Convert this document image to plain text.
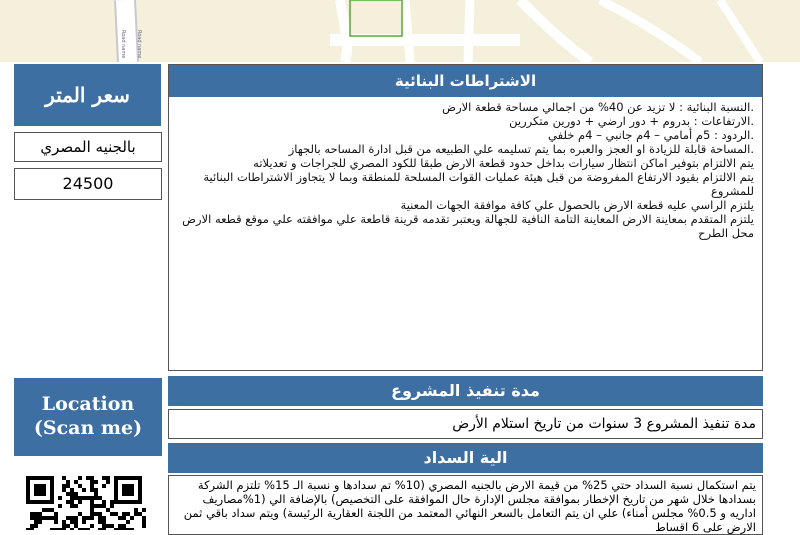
Road name Road name
سعر المتر
بالجنيه المصري
24500
الاشتراطات البنائية
.النسبة البنائية : لا تزيد عن 40% من اجمالي مساحة قطعة الارض
.الارتفاعات : بدروم + دور ارضي + دورين متكررين
.الردود : 5م أمامي – 4م جانبي – 4م خلفي
.المساحة قابلة للزيادة او العجز والعبره بما يتم تسليمه علي الطبيعه من قبل ادارة المساحه بالجهاز
يتم الالتزام بتوفير اماكن انتظار سيارات بداخل حدود قطعة الارض طبقا للكود المصري للجراجات و تعديلاته
يتم الالتزام بقيود الارتفاع المفروضة من قبل هيئة عمليات القوات المسلحة للمنطقة وبما لا يتجاوز الاشتراطات البنائية للمشروع
يلتزم الراسي عليه قطعة الارض بالحصول علي كافة موافقة الجهات المعنية
يلتزم المتقدم بمعاينة الارض المعاينة التامة النافية للجهالة ويعتبر تقدمه قرينة قاطعة علي موافقته علي موقع قطعه الارض محل الطرح
Location
(Scan me)
مدة تنفيذ المشروع
مدة تنفيذ المشروع 3 سنوات من تاريخ استلام الأرض
الية السداد
يتم استكمال نسبة السداد حتي 25% من قيمة الارض بالجنيه المصري (10% تم سدادها و نسبة الـ 15% تلتزم الشركة بسدادها خلال شهر من تاريخ الإخطار بموافقة مجلس الإدارة حال الموافقة على التخصيص) بالإضافة الي (1%مصاريف اداريه و 0.5% مجلس أمناء) علي ان يتم التعامل بالسعر النهائي المعتمد من اللجنة العقارية الرئيسة) ويتم سداد باقي ثمن الارض على 6 اقساط
